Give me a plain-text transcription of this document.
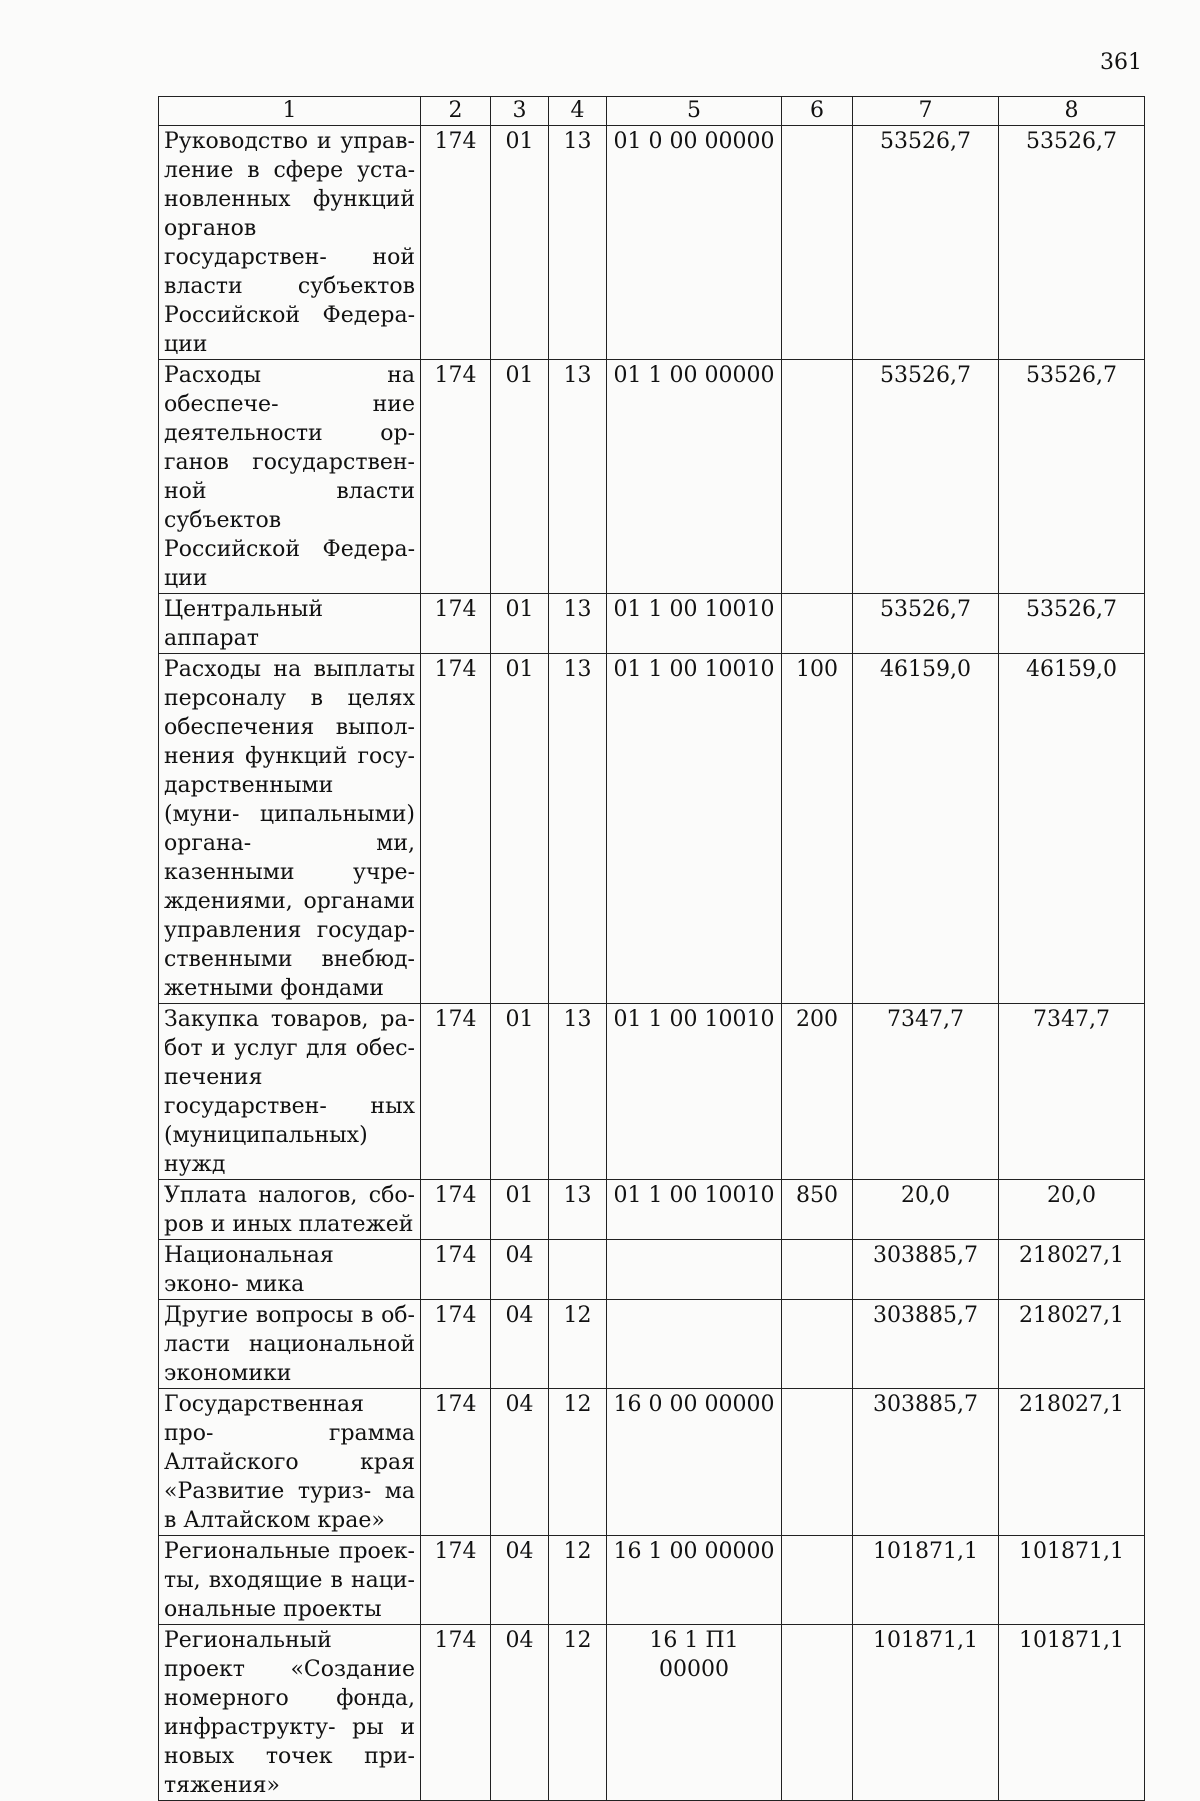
361
1	2	3	4	5	6	7	8
Руководство и управ- ление в сфере уста- новленных функций органов государствен- ной власти субъектов Российской Федера- ции	174	01	13	01 0 00 00000		53526,7	53526,7
Расходы на обеспече- ние деятельности ор- ганов государствен- ной власти субъектов Российской Федера- ции	174	01	13	01 1 00 00000		53526,7	53526,7
Центральный аппарат	174	01	13	01 1 00 10010		53526,7	53526,7
Расходы на выплаты персоналу в целях обеспечения выпол- нения функций госу- дарственными (муни- ципальными) органа- ми, казенными учре- ждениями, органами управления государ- ственными внебюд- жетными фондами	174	01	13	01 1 00 10010	100	46159,0	46159,0
Закупка товаров, ра- бот и услуг для обес- печения государствен- ных (муниципальных) нужд	174	01	13	01 1 00 10010	200	7347,7	7347,7
Уплата налогов, сбо- ров и иных платежей	174	01	13	01 1 00 10010	850	20,0	20,0
Национальная эконо- мика	174	04				303885,7	218027,1
Другие вопросы в об- ласти национальной экономики	174	04	12			303885,7	218027,1
Государственная про- грамма Алтайского края «Развитие туриз- ма в Алтайском крае»	174	04	12	16 0 00 00000		303885,7	218027,1
Региональные проек- ты, входящие в наци- ональные проекты	174	04	12	16 1 00 00000		101871,1	101871,1
Региональный проект «Создание номерного фонда, инфраструкту- ры и новых точек при- тяжения»	174	04	12	16 1 П1 00000		101871,1	101871,1
